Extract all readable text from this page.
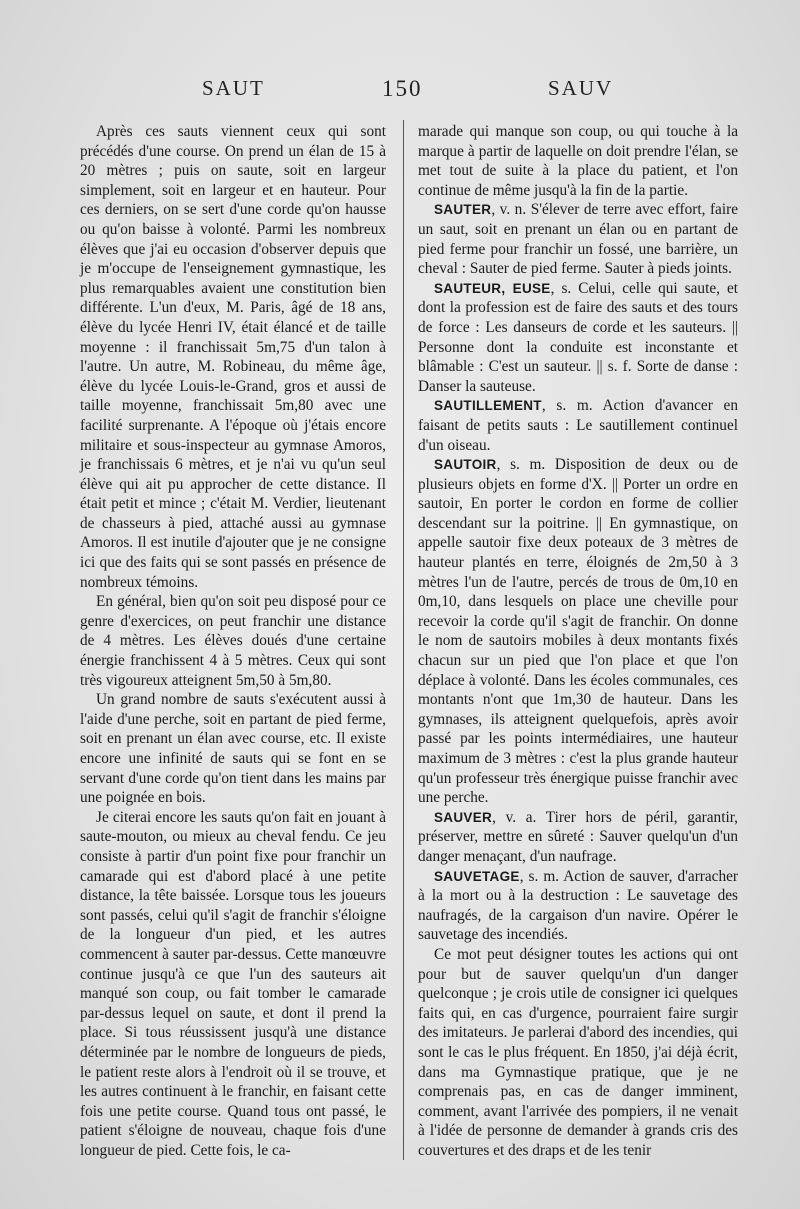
SAUT	150	SAUV

Après ces sauts viennent ceux qui sont précédés d'une course. On prend un élan de 15 à 20 mètres ; puis on saute, soit en largeur simplement, soit en largeur et en hauteur. Pour ces derniers, on se sert d'une corde qu'on hausse ou qu'on baisse à volonté. Parmi les nombreux élèves que j'ai eu occasion d'observer depuis que je m'occupe de l'enseignement gymnastique, les plus remarquables avaient une constitution bien différente. L'un d'eux, M. Paris, âgé de 18 ans, élève du lycée Henri IV, était élancé et de taille moyenne : il franchissait 5m,75 d'un talon à l'autre. Un autre, M. Robineau, du même âge, élève du lycée Louis-le-Grand, gros et aussi de taille moyenne, franchissait 5m,80 avec une facilité surprenante. A l'époque où j'étais encore militaire et sous-inspecteur au gymnase Amoros, je franchissais 6 mètres, et je n'ai vu qu'un seul élève qui ait pu approcher de cette distance. Il était petit et mince ; c'était M. Verdier, lieutenant de chasseurs à pied, attaché aussi au gymnase Amoros. Il est inutile d'ajouter que je ne consigne ici que des faits qui se sont passés en présence de nombreux témoins.

En général, bien qu'on soit peu disposé pour ce genre d'exercices, on peut franchir une distance de 4 mètres. Les élèves doués d'une certaine énergie franchissent 4 à 5 mètres. Ceux qui sont très vigoureux atteignent 5m,50 à 5m,80.

Un grand nombre de sauts s'exécutent aussi à l'aide d'une perche, soit en partant de pied ferme, soit en prenant un élan avec course, etc. Il existe encore une infinité de sauts qui se font en se servant d'une corde qu'on tient dans les mains par une poignée en bois.

Je citerai encore les sauts qu'on fait en jouant à saute-mouton, ou mieux au cheval fendu. Ce jeu consiste à partir d'un point fixe pour franchir un camarade qui est d'abord placé à une petite distance, la tête baissée. Lorsque tous les joueurs sont passés, celui qu'il s'agit de franchir s'éloigne de la longueur d'un pied, et les autres commencent à sauter par-dessus. Cette manœuvre continue jusqu'à ce que l'un des sauteurs ait manqué son coup, ou fait tomber le camarade par-dessus lequel on saute, et dont il prend la place. Si tous réussissent jusqu'à une distance déterminée par le nombre de longueurs de pieds, le patient reste alors à l'endroit où il se trouve, et les autres continuent à le franchir, en faisant cette fois une petite course. Quand tous ont passé, le patient s'éloigne de nouveau, chaque fois d'une longueur de pied. Cette fois, le ca-

marade qui manque son coup, ou qui touche à la marque à partir de laquelle on doit prendre l'élan, se met tout de suite à la place du patient, et l'on continue de même jusqu'à la fin de la partie.

SAUTER, v. n. S'élever de terre avec effort, faire un saut, soit en prenant un élan ou en partant de pied ferme pour franchir un fossé, une barrière, un cheval : Sauter de pied ferme. Sauter à pieds joints.

SAUTEUR, EUSE, s. Celui, celle qui saute, et dont la profession est de faire des sauts et des tours de force : Les danseurs de corde et les sauteurs. || Personne dont la conduite est inconstante et blâmable : C'est un sauteur. || s. f. Sorte de danse : Danser la sauteuse.

SAUTILLEMENT, s. m. Action d'avancer en faisant de petits sauts : Le sautillement continuel d'un oiseau.

SAUTOIR, s. m. Disposition de deux ou de plusieurs objets en forme d'X. || Porter un ordre en sautoir, En porter le cordon en forme de collier descendant sur la poitrine. || En gymnastique, on appelle sautoir fixe deux poteaux de 3 mètres de hauteur plantés en terre, éloignés de 2m,50 à 3 mètres l'un de l'autre, percés de trous de 0m,10 en 0m,10, dans lesquels on place une cheville pour recevoir la corde qu'il s'agit de franchir. On donne le nom de sautoirs mobiles à deux montants fixés chacun sur un pied que l'on place et que l'on déplace à volonté. Dans les écoles communales, ces montants n'ont que 1m,30 de hauteur. Dans les gymnases, ils atteignent quelquefois, après avoir passé par les points intermédiaires, une hauteur maximum de 3 mètres : c'est la plus grande hauteur qu'un professeur très énergique puisse franchir avec une perche.

SAUVER, v. a. Tirer hors de péril, garantir, préserver, mettre en sûreté : Sauver quelqu'un d'un danger menaçant, d'un naufrage.

SAUVETAGE, s. m. Action de sauver, d'arracher à la mort ou à la destruction : Le sauvetage des naufragés, de la cargaison d'un navire. Opérer le sauvetage des incendiés.

Ce mot peut désigner toutes les actions qui ont pour but de sauver quelqu'un d'un danger quelconque ; je crois utile de consigner ici quelques faits qui, en cas d'urgence, pourraient faire surgir des imitateurs. Je parlerai d'abord des incendies, qui sont le cas le plus fréquent. En 1850, j'ai déjà écrit, dans ma Gymnastique pratique, que je ne comprenais pas, en cas de danger imminent, comment, avant l'arrivée des pompiers, il ne venait à l'idée de personne de demander à grands cris des couvertures et des draps et de les tenir
